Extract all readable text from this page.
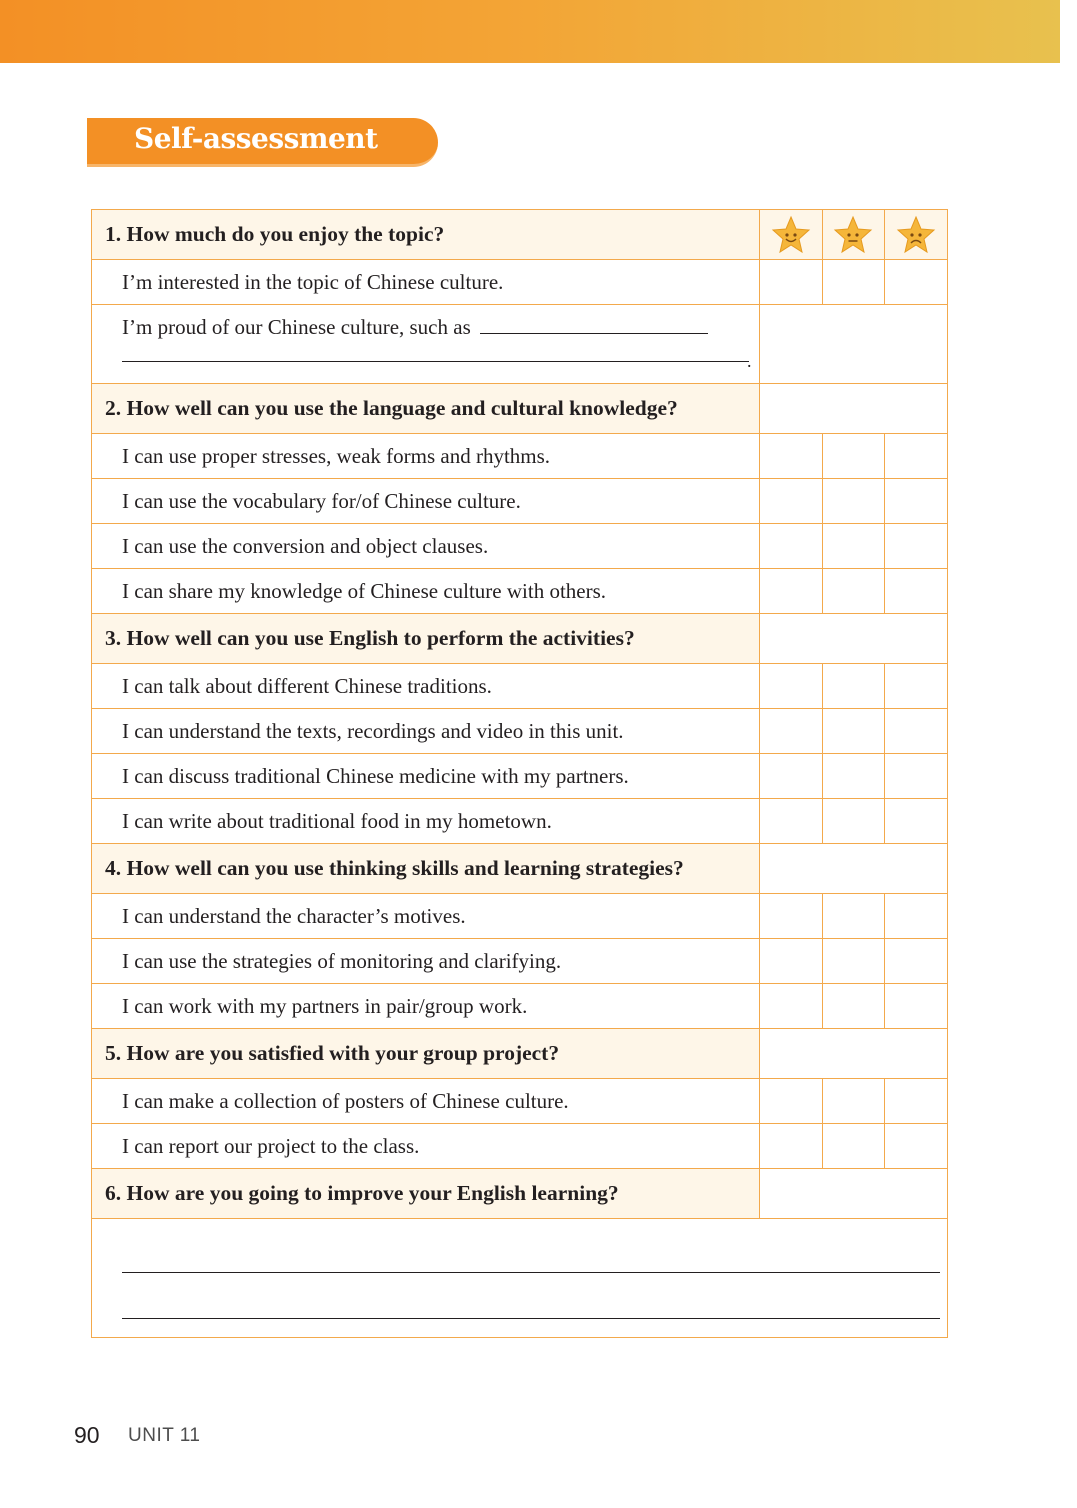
Self-assessment
1. How much do you enjoy the topic?	

I’m interested in the topic of Chinese culture.			

I’m proud of our Chinese culture, such as
.			

2. How well can you use the language and cultural knowledge?			
I can use proper stresses, weak forms and rhythms.			
I can use the vocabulary for/of Chinese culture.			
I can use the conversion and object clauses.			
I can share my knowledge of Chinese culture with others.			
3. How well can you use English to perform the activities?			
I can talk about different Chinese traditions.			
I can understand the texts, recordings and video in this unit.			
I can discuss traditional Chinese medicine with my partners.			
I can write about traditional food in my hometown.			
4. How well can you use thinking skills and learning strategies?			
I can understand the character’s motives.			
I can use the strategies of monitoring and clarifying.			
I can work with my partners in pair/group work.			
5. How are you satisfied with your group project?			
I can make a collection of posters of Chinese culture.			
I can report our project to the class.			
6. How are you going to improve your English learning?			

90 UNIT 11
